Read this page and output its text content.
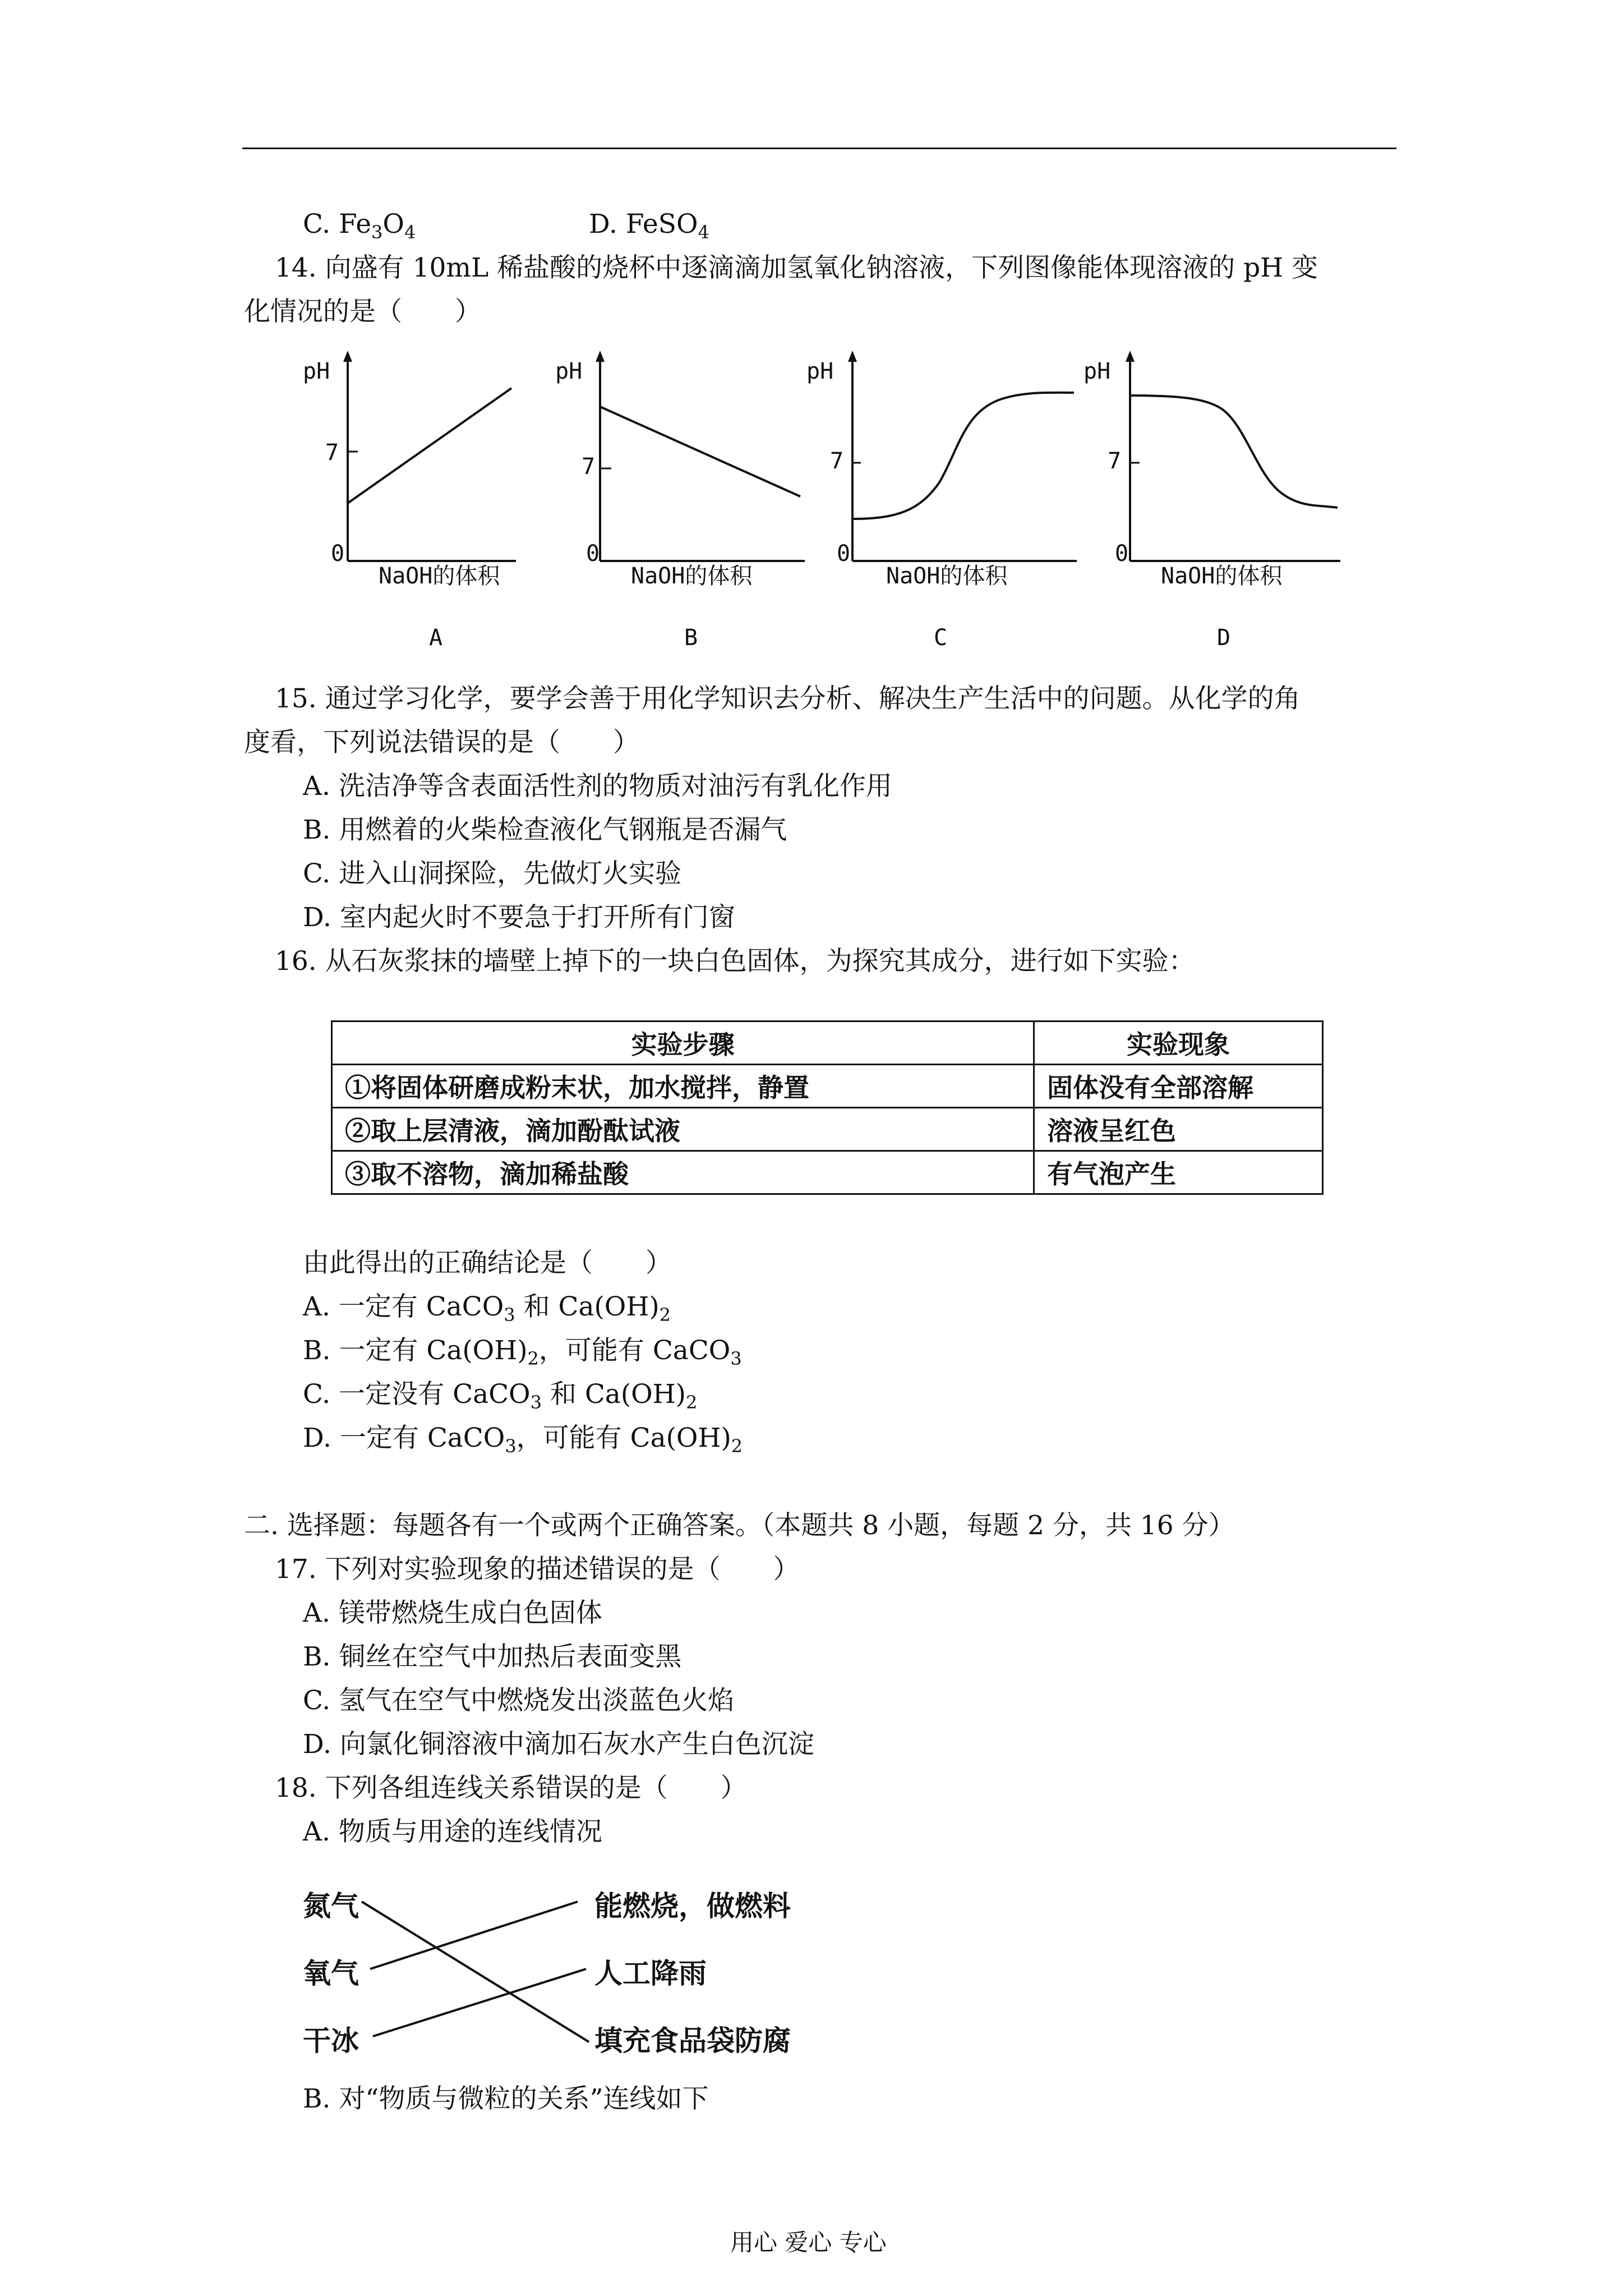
C. $Fe_3O_4$	D. FeSO$_4$
14. 向盛有 10mL 稀盐酸的烧杯中逐滴滴加氢氧化钠溶液，下列图像能体现溶液的 pH 变
化情况的是（　　）
pH
7
0
NaOH的体积
A
pH
7
0
NaOH的体积
B
pH
7
0
NaOH的体积
C
pH
7
0
NaOH的体积
D
15. 通过学习化学，要学会善于用化学知识去分析、解决生产生活中的问题。从化学的角
度看，下列说法错误的是（　　）
A. 洗洁净等含表面活性剂的物质对油污有乳化作用
B. 用燃着的火柴检查液化气钢瓶是否漏气
C. 进入山洞探险，先做灯火实验
D. 室内起火时不要急于打开所有门窗
16. 从石灰浆抹的墙壁上掉下的一块白色固体，为探究其成分，进行如下实验：
实验步骤	实验现象
①将固体研磨成粉末状，加水搅拌，静置	固体没有全部溶解
②取上层清液，滴加酚酞试液	溶液呈红色
③取不溶物，滴加稀盐酸	有气泡产生
由此得出的正确结论是（　　）
A. 一定有 CaCO$_3$ 和 $Ca(OH)_2$
B. 一定有 $Ca(OH)_2$，可能有 CaCO$_3$
C. 一定没有 CaCO$_3$ 和 $Ca(OH)_2$
D. 一定有 CaCO$_3$，可能有 $Ca(OH)_2$
二. 选择题：每题各有一个或两个正确答案。（本题共 8 小题，每题 2 分，共 16 分）
17. 下列对实验现象的描述错误的是（　　）
A. 镁带燃烧生成白色固体
B. 铜丝在空气中加热后表面变黑
C. 氢气在空气中燃烧发出淡蓝色火焰
D. 向氯化铜溶液中滴加石灰水产生白色沉淀
18. 下列各组连线关系错误的是（　　）
A. 物质与用途的连线情况
氮气
氧气
干冰
能燃烧，做燃料
人工降雨
填充食品袋防腐
B. 对“物质与微粒的关系”连线如下
用心 爱心 专心
